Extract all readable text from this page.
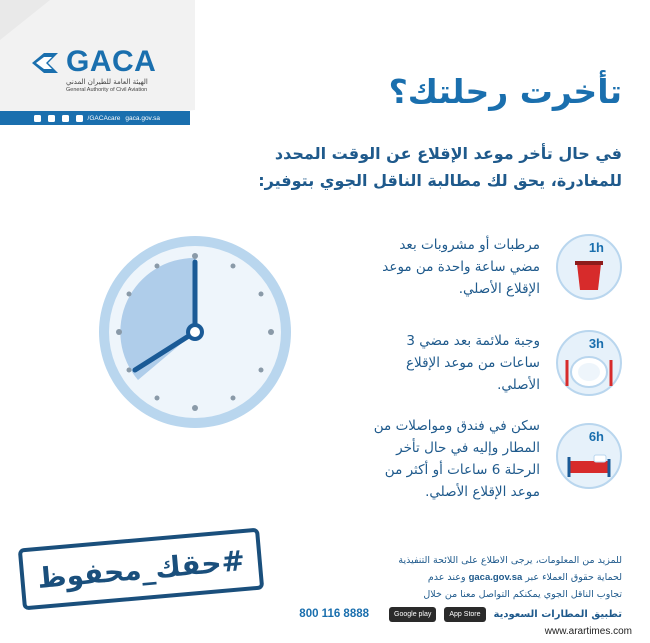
GACA
الهيئة العامة للطيران المدني
General Authority of Civil Aviation
/GACAcare gaca.gov.sa
تأخرت رحلتك؟
في حال تأخر موعد الإقلاع عن الوقت المحدد للمغادرة، يحق لك مطالبة الناقل الجوي بتوفير:
1h
مرطبات أو مشروبات بعد مضي ساعة واحدة من موعد الإقلاع الأصلي.
3h
وجبة ملائمة بعد مضي 3 ساعات من موعد الإقلاع الأصلي.
6h
سكن في فندق ومواصلات من المطار وإليه في حال تأخر الرحلة 6 ساعات أو أكثر من موعد الإقلاع الأصلي.
#حقك_محفوظ	للمزيد من المعلومات، يرجى الاطلاع على اللائحة التنفيذية
لحماية حقوق العملاء عبر gaca.gov.sa وعند عدم
تجاوب الناقل الجوي يمكنكم التواصل معنا من خلال
800 116 8888	Google play	App Store	تطبيق المطارات السعودية
www.arartimes.com
